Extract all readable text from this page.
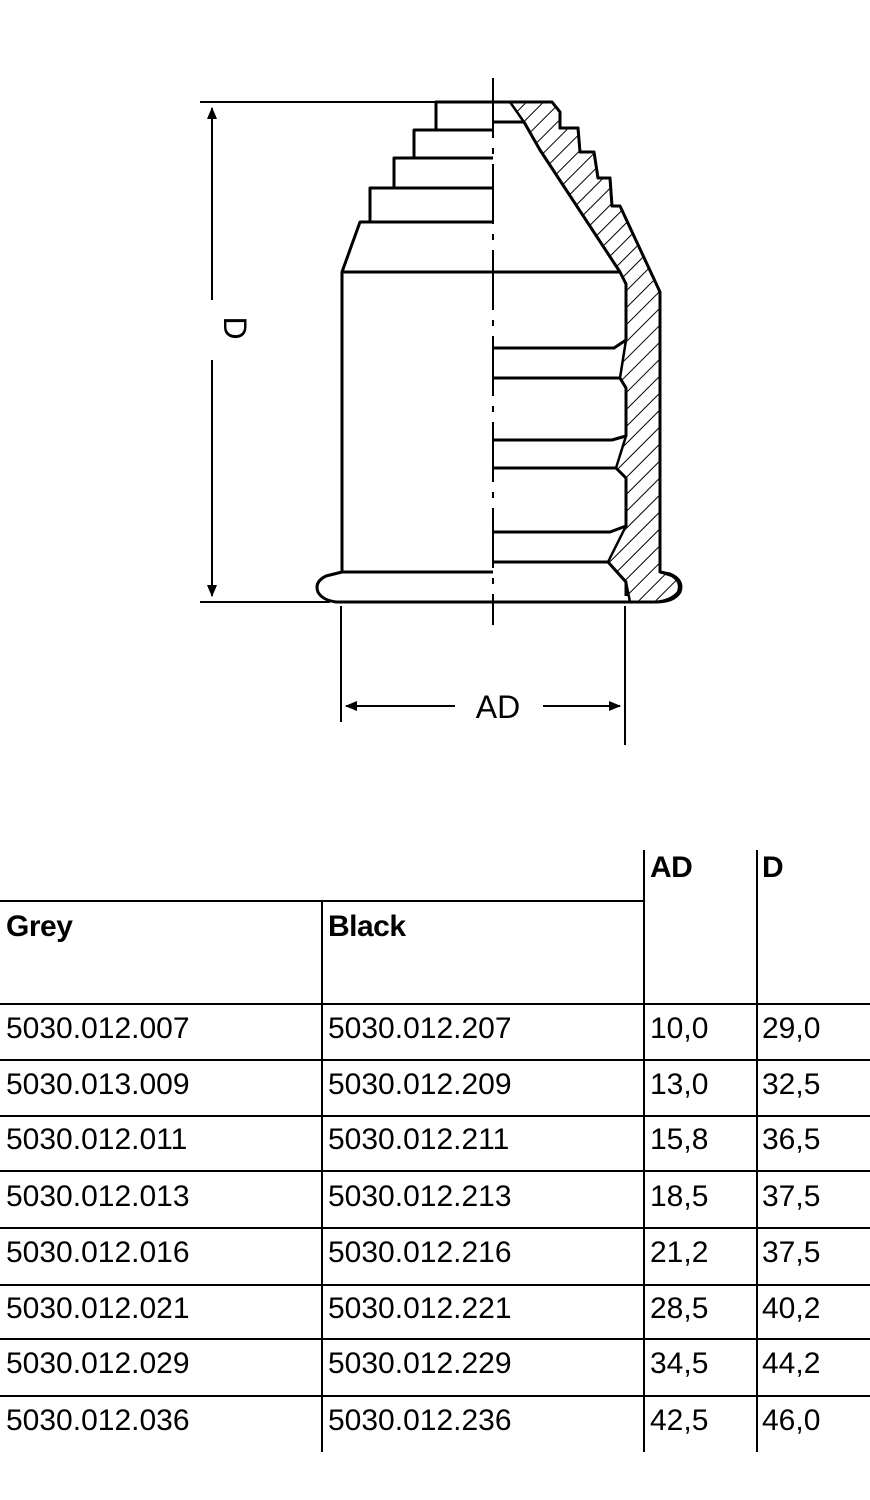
D
AD
Grey	Black
AD D
5030.012.007	5030.012.207	10,0 29,0
5030.013.009	5030.012.209	13,0 32,5
5030.012.011	5030.012.211	15,8 36,5
5030.012.013	5030.012.213	18,5 37,5
5030.012.016	5030.012.216	21,2 37,5
5030.012.021	5030.012.221	28,5 40,2
5030.012.029	5030.012.229	34,5 44,2
5030.012.036	5030.012.236	42,5 46,0
